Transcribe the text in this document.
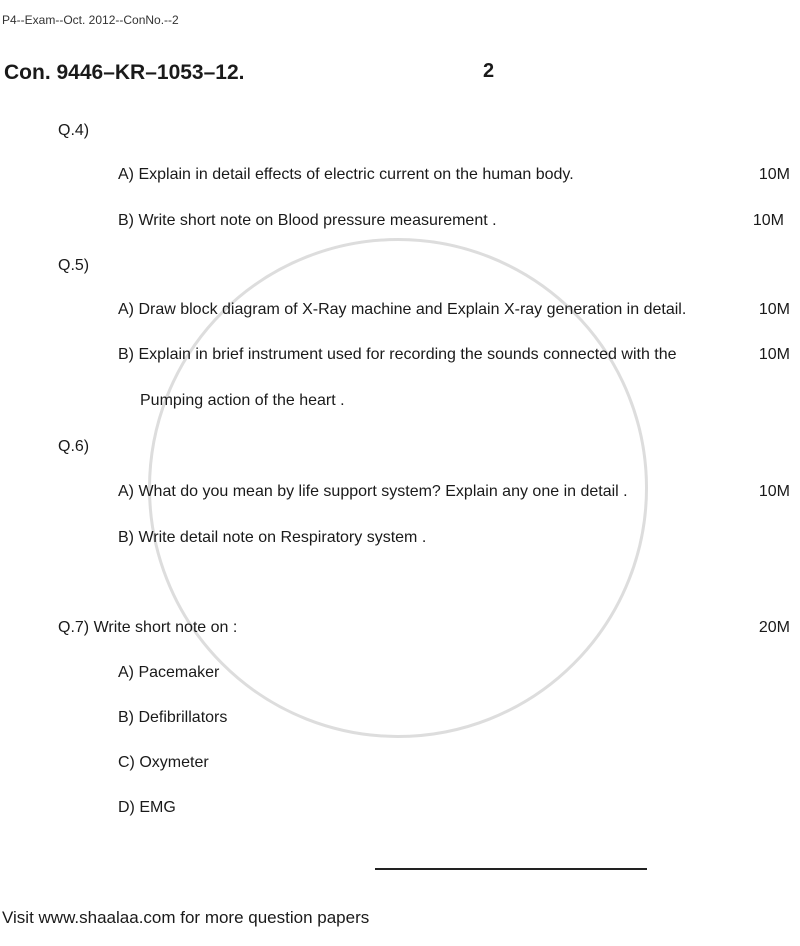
P4--Exam--Oct. 2012--ConNo.--2
Con. 9446–KR–1053–12.	2
Q.4)
A) Explain in detail effects of electric current on the human body.	10M
B) Write short note on Blood pressure measurement .	10M
Q.5)
A) Draw block diagram of X-Ray machine and Explain X-ray generation in detail.	10M
B) Explain in brief instrument used for recording the sounds connected with the	10M
Pumping action of the heart .
Q.6)
A) What do you mean by life support system? Explain any one in detail .	10M
B) Write detail note on Respiratory system .
Q.7) Write short note on :	20M
A) Pacemaker
B) Defibrillators
C) Oxymeter
D) EMG
Visit www.shaalaa.com for more question papers
